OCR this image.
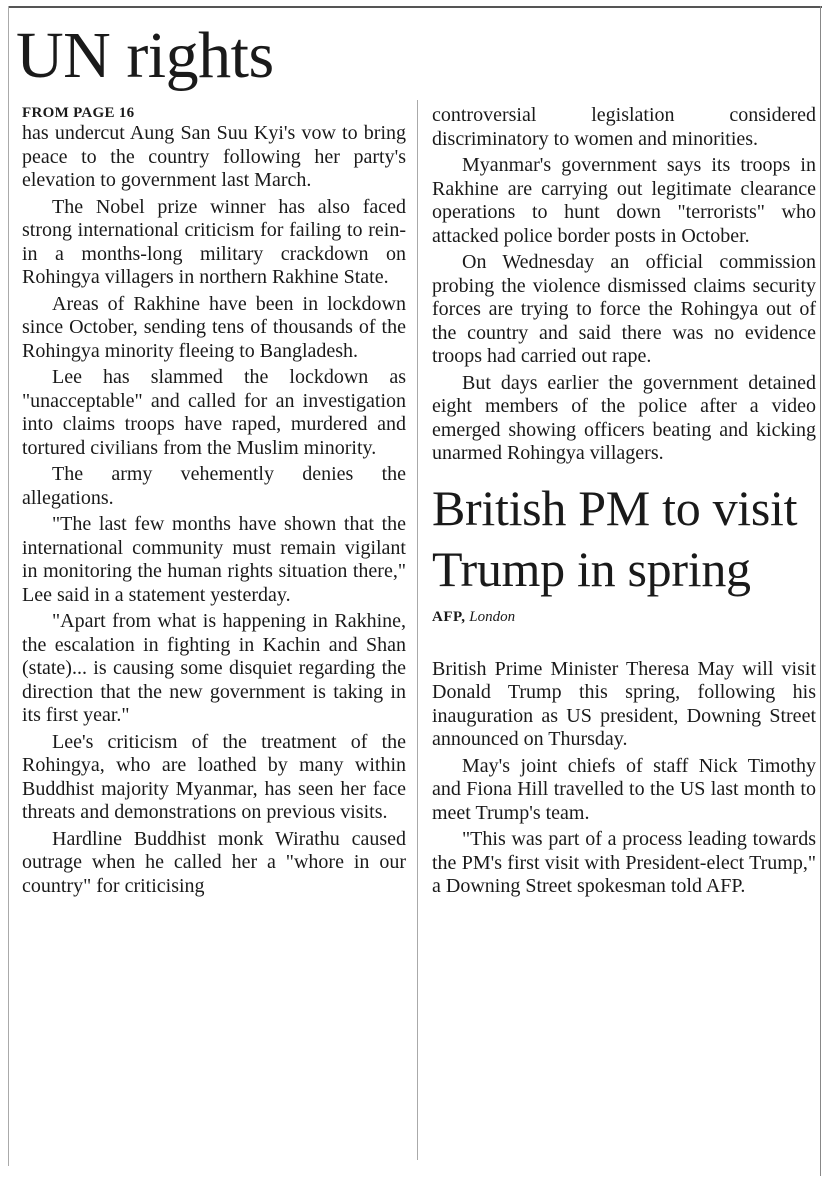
UN rights
FROM PAGE 16

has undercut Aung San Suu Kyi's vow to bring peace to the country following her party's elevation to government last March.

The Nobel prize winner has also faced strong international criticism for failing to rein-in a months-long military crackdown on Rohingya villagers in northern Rakhine State.

Areas of Rakhine have been in lockdown since October, sending tens of thousands of the Rohingya minority fleeing to Bangladesh.

Lee has slammed the lockdown as "unacceptable" and called for an investigation into claims troops have raped, murdered and tortured civilians from the Muslim minority.

The army vehemently denies the allegations.

"The last few months have shown that the international community must remain vigilant in monitoring the human rights situation there," Lee said in a statement yesterday.

"Apart from what is happening in Rakhine, the escalation in fighting in Kachin and Shan (state)... is causing some disquiet regarding the direction that the new government is taking in its first year."

Lee's criticism of the treatment of the Rohingya, who are loathed by many within Buddhist majority Myanmar, has seen her face threats and demonstrations on previous visits.

Hardline Buddhist monk Wirathu caused outrage when he called her a "whore in our country" for criticising

controversial legislation considered discriminatory to women and minorities.

Myanmar's government says its troops in Rakhine are carrying out legitimate clearance operations to hunt down "terrorists" who attacked police border posts in October.

On Wednesday an official commission probing the violence dismissed claims security forces are trying to force the Rohingya out of the country and said there was no evidence troops had carried out rape.

But days earlier the government detained eight members of the police after a video emerged showing officers beating and kicking unarmed Rohingya villagers.

British PM to visit Trump in spring
AFP, London

British Prime Minister Theresa May will visit Donald Trump this spring, following his inauguration as US president, Downing Street announced on Thursday.

May's joint chiefs of staff Nick Timothy and Fiona Hill travelled to the US last month to meet Trump's team.

"This was part of a process leading towards the PM's first visit with President-elect Trump," a Downing Street spokesman told AFP.
